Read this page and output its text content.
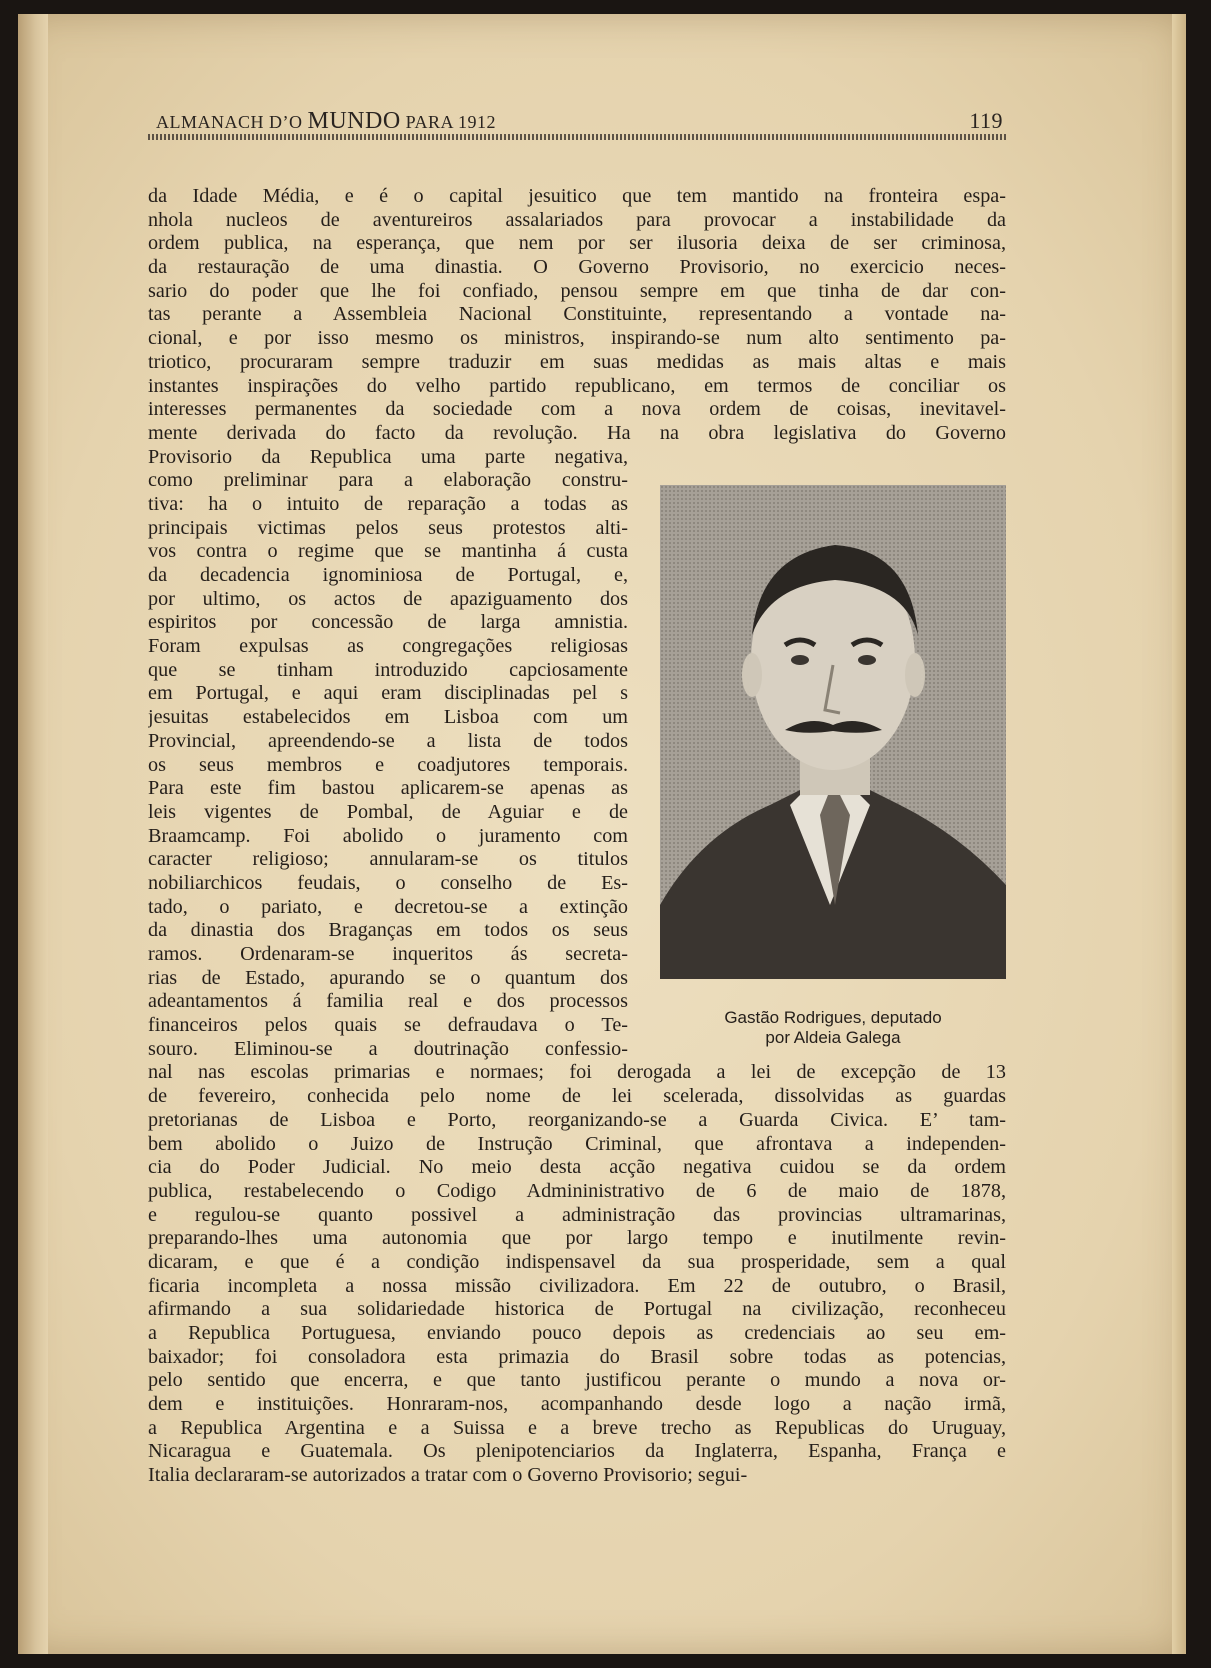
ALMANACH D’O MUNDO PARA 1912	119
da Idade Média, e é o capital jesuitico que tem mantido na fronteira espa-
nhola nucleos de aventureiros assalariados para provocar a instabilidade da
ordem publica, na esperança, que nem por ser ilusoria deixa de ser criminosa,
da restauração de uma dinastia. O Governo Provisorio, no exercicio neces-
sario do poder que lhe foi confiado, pensou sempre em que tinha de dar con-
tas perante a Assembleia Nacional Constituinte, representando a vontade na-
cional, e por isso mesmo os ministros, inspirando-se num alto sentimento pa-
triotico, procuraram sempre traduzir em suas medidas as mais altas e mais
instantes inspirações do velho partido republicano, em termos de conciliar os
interesses permanentes da sociedade com a nova ordem de coisas, inevitavel-
mente derivada do facto da revolução. Ha na obra legislativa do Governo
Provisorio da Republica uma parte negativa,
como preliminar para a elaboração constru-
tiva: ha o intuito de reparação a todas as
principais victimas pelos seus protestos alti-
vos contra o regime que se mantinha á custa
da decadencia ignominiosa de Portugal, e,
por ultimo, os actos de apaziguamento dos
espiritos por concessão de larga amnistia.
Foram expulsas as congregações religiosas
que se tinham introduzido capciosamente
em Portugal, e aqui eram disciplinadas pel s
jesuitas estabelecidos em Lisboa com um
Provincial, apreendendo-se a lista de todos
os seus membros e coadjutores temporais.
Para este fim bastou aplicarem-se apenas as
leis vigentes de Pombal, de Aguiar e de
Braamcamp. Foi abolido o juramento com
caracter religioso; annularam-se os titulos
nobiliarchicos feudais, o conselho de Es-
tado, o pariato, e decretou-se a extinção
da dinastia dos Braganças em todos os seus
ramos. Ordenaram-se inqueritos ás secreta-
rias de Estado, apurando se o quantum dos
adeantamentos á familia real e dos processos
financeiros pelos quais se defraudava o Te-
souro. Eliminou-se a doutrinação confessio-
nal nas escolas primarias e normaes; foi derogada a lei de excepção de 13
de fevereiro, conhecida pelo nome de lei scelerada, dissolvidas as guardas
pretorianas de Lisboa e Porto, reorganizando-se a Guarda Civica. E’ tam-
bem abolido o Juizo de Instrução Criminal, que afrontava a independen-
cia do Poder Judicial. No meio desta acção negativa cuidou se da ordem
publica, restabelecendo o Codigo Admininistrativo de 6 de maio de 1878,
e regulou-se quanto possivel a administração das provincias ultramarinas,
preparando-lhes uma autonomia que por largo tempo e inutilmente revin-
dicaram, e que é a condição indispensavel da sua prosperidade, sem a qual
ficaria incompleta a nossa missão civilizadora. Em 22 de outubro, o Brasil,
afirmando a sua solidariedade historica de Portugal na civilização, reconheceu
a Republica Portuguesa, enviando pouco depois as credenciais ao seu em-
baixador; foi consoladora esta primazia do Brasil sobre todas as potencias,
pelo sentido que encerra, e que tanto justificou perante o mundo a nova or-
dem e instituições. Honraram-nos, acompanhando desde logo a nação irmã,
a Republica Argentina e a Suissa e a breve trecho as Republicas do Uruguay,
Nicaragua e Guatemala. Os plenipotenciarios da Inglaterra, Espanha, França e
Italia declararam-se autorizados a tratar com o Governo Provisorio; segui-
Gastão Rodrigues, deputado
por Aldeia Galega
